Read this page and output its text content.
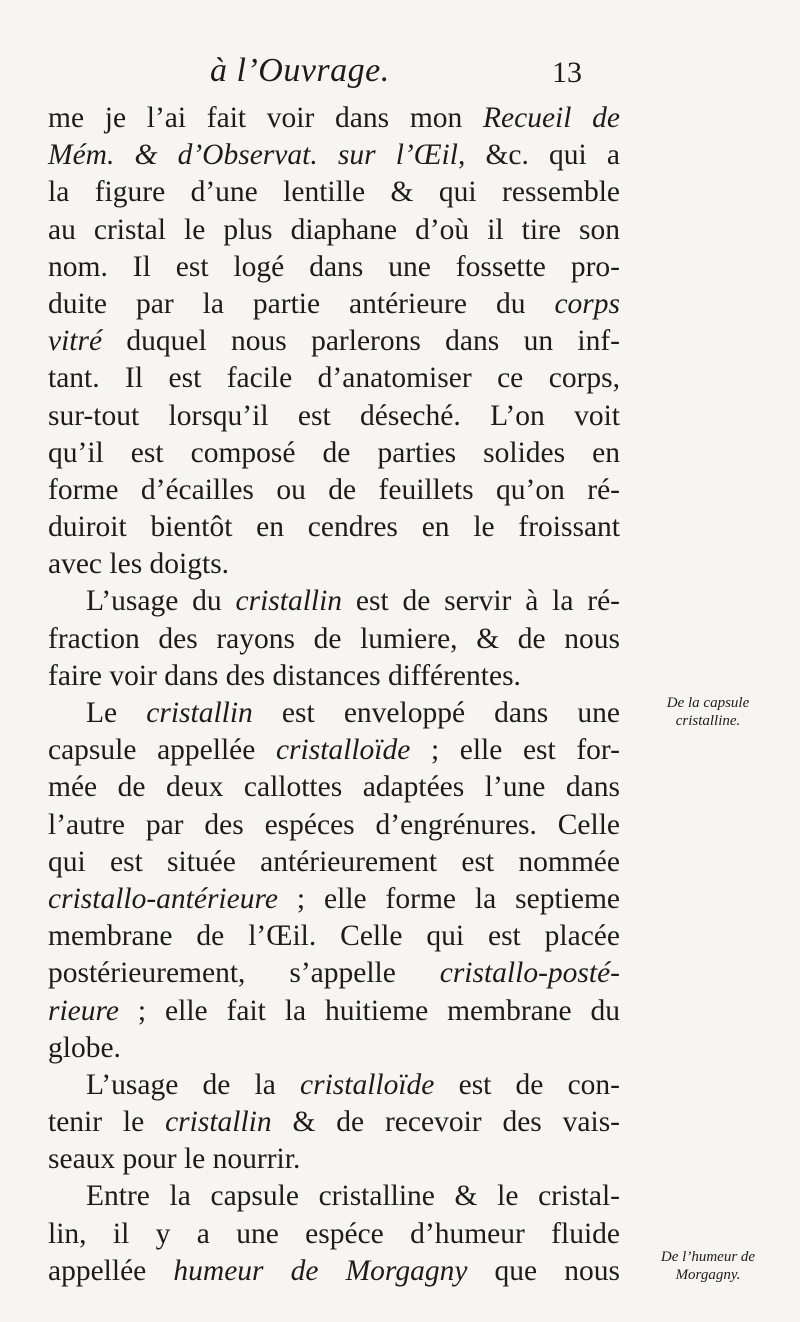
à l’Ouvrage.	13
me je l’ai fait voir dans mon Recueil de
Mém. & d’Observat. sur l’Œil, &c. qui a
la figure d’une lentille & qui ressemble
au cristal le plus diaphane d’où il tire son
nom. Il est logé dans une fossette pro-
duite par la partie antérieure du corps
vitré duquel nous parlerons dans un inf-
tant. Il est facile d’anatomiser ce corps,
sur-tout lorsqu’il est déseché. L’on voit
qu’il est composé de parties solides en
forme d’écailles ou de feuillets qu’on ré-
duiroit bientôt en cendres en le froissant
avec les doigts.
L’usage du cristallin est de servir à la ré-
fraction des rayons de lumiere, & de nous
faire voir dans des distances différentes.
Le cristallin est enveloppé dans une
capsule appellée cristalloïde ; elle est for-
mée de deux callottes adaptées l’une dans
l’autre par des espéces d’engrénures. Celle
qui est située antérieurement est nommée
cristallo-antérieure ; elle forme la septieme
membrane de l’Œil. Celle qui est placée
postérieurement, s’appelle cristallo-posté-
rieure ; elle fait la huitieme membrane du
globe.
L’usage de la cristalloïde est de con-
tenir le cristallin & de recevoir des vais-
seaux pour le nourrir.
Entre la capsule cristalline & le cristal-
lin, il y a une espéce d’humeur fluide
appellée humeur de Morgagny que nous
De la capsule
cristalline.
De l’humeur de
Morgagny.
